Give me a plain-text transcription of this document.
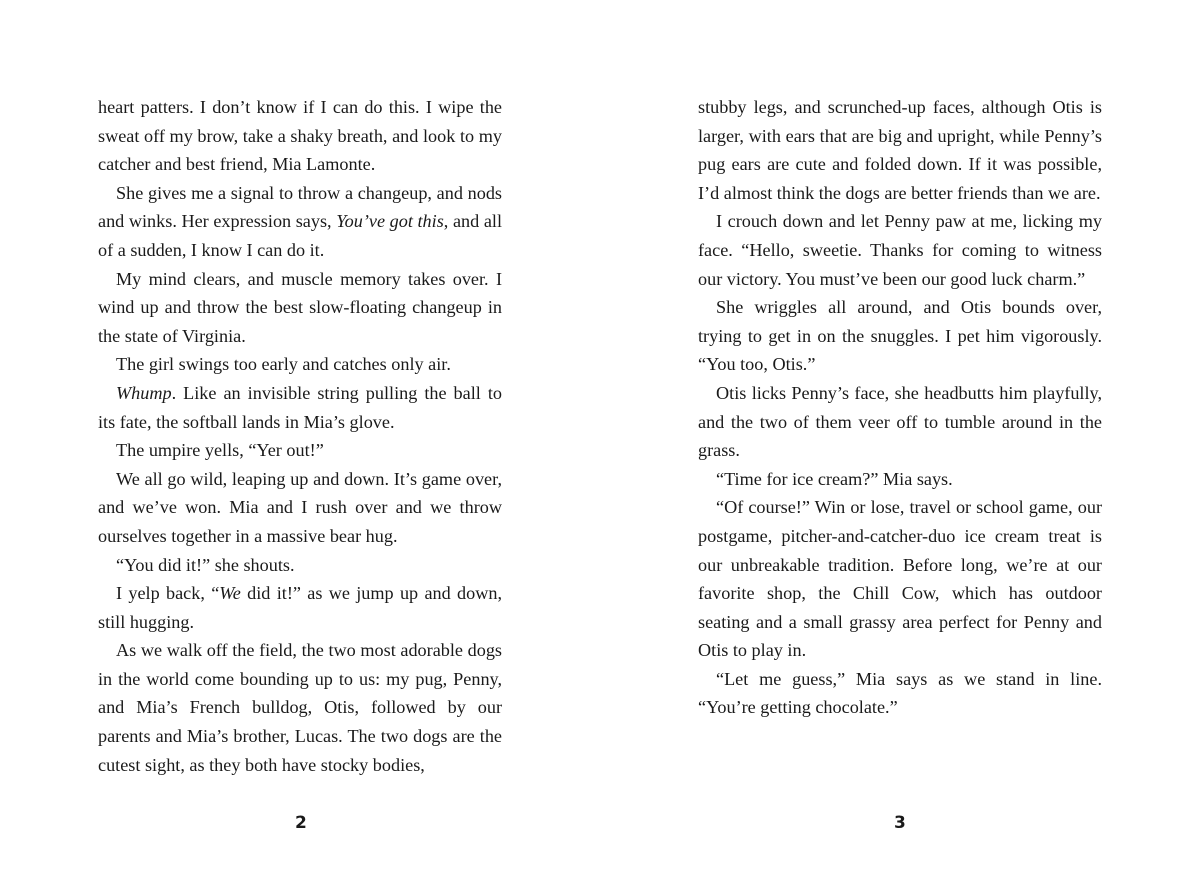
heart patters. I don’t know if I can do this. I wipe the sweat off my brow, take a shaky breath, and look to my catcher and best friend, Mia Lamonte.

She gives me a signal to throw a changeup, and nods and winks. Her expression says, You’ve got this, and all of a sudden, I know I can do it.

My mind clears, and muscle memory takes over. I wind up and throw the best slow-floating changeup in the state of Virginia.

The girl swings too early and catches only air.

Whump. Like an invisible string pulling the ball to its fate, the softball lands in Mia’s glove.

The umpire yells, “Yer out!”

We all go wild, leaping up and down. It’s game over, and we’ve won. Mia and I rush over and we throw ourselves together in a massive bear hug.

“You did it!” she shouts.

I yelp back, “We did it!” as we jump up and down, still hugging.

As we walk off the field, the two most adorable dogs in the world come bounding up to us: my pug, Penny, and Mia’s French bulldog, Otis, followed by our parents and Mia’s brother, Lucas. The two dogs are the cutest sight, as they both have stocky bodies,

stubby legs, and scrunched-up faces, although Otis is larger, with ears that are big and upright, while Penny’s pug ears are cute and folded down. If it was possible, I’d almost think the dogs are better friends than we are.

I crouch down and let Penny paw at me, licking my face. “Hello, sweetie. Thanks for coming to witness our victory. You must’ve been our good luck charm.”

She wriggles all around, and Otis bounds over, trying to get in on the snuggles. I pet him vigorously. “You too, Otis.”

Otis licks Penny’s face, she headbutts him playfully, and the two of them veer off to tumble around in the grass.

“Time for ice cream?” Mia says.

“Of course!” Win or lose, travel or school game, our postgame, pitcher-and-catcher-duo ice cream treat is our unbreakable tradition. Before long, we’re at our favorite shop, the Chill Cow, which has outdoor seating and a small grassy area perfect for Penny and Otis to play in.

“Let me guess,” Mia says as we stand in line. “You’re getting chocolate.”

2	3
